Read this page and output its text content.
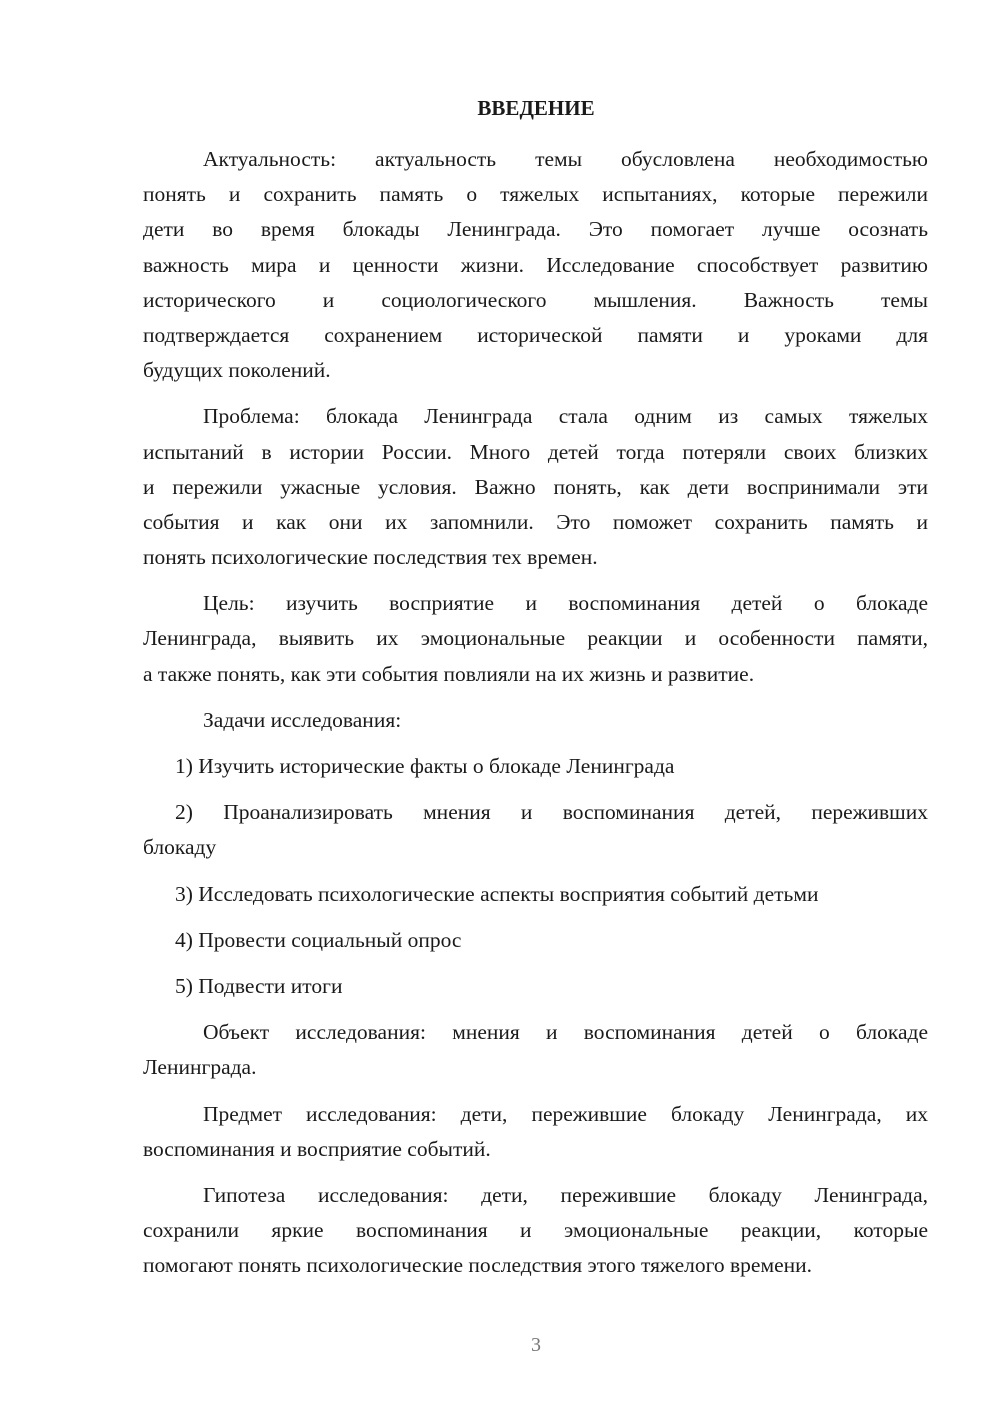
ВВЕДЕНИЕ
Актуальность: актуальность темы обусловлена необходимостью
понять и сохранить память о тяжелых испытаниях, которые пережили
дети во время блокады Ленинграда. Это помогает лучше осознать
важность мира и ценности жизни. Исследование способствует развитию
исторического и социологического мышления. Важность темы
подтверждается сохранением исторической памяти и уроками для
будущих поколений.
Проблема: блокада Ленинграда стала одним из самых тяжелых
испытаний в истории России. Много детей тогда потеряли своих близких
и пережили ужасные условия. Важно понять, как дети воспринимали эти
события и как они их запомнили. Это поможет сохранить память и
понять психологические последствия тех времен.
Цель: изучить восприятие и воспоминания детей о блокаде
Ленинграда, выявить их эмоциональные реакции и особенности памяти,
а также понять, как эти события повлияли на их жизнь и развитие.
Задачи исследования:
1) Изучить исторические факты о блокаде Ленинграда
2) Проанализировать мнения и воспоминания детей, переживших
блокаду
3) Исследовать психологические аспекты восприятия событий детьми
4) Провести социальный опрос
5) Подвести итоги
Объект исследования: мнения и воспоминания детей о блокаде
Ленинграда.
Предмет исследования: дети, пережившие блокаду Ленинграда, их
воспоминания и восприятие событий.
Гипотеза исследования: дети, пережившие блокаду Ленинграда,
сохранили яркие воспоминания и эмоциональные реакции, которые
помогают понять психологические последствия этого тяжелого времени.
3
